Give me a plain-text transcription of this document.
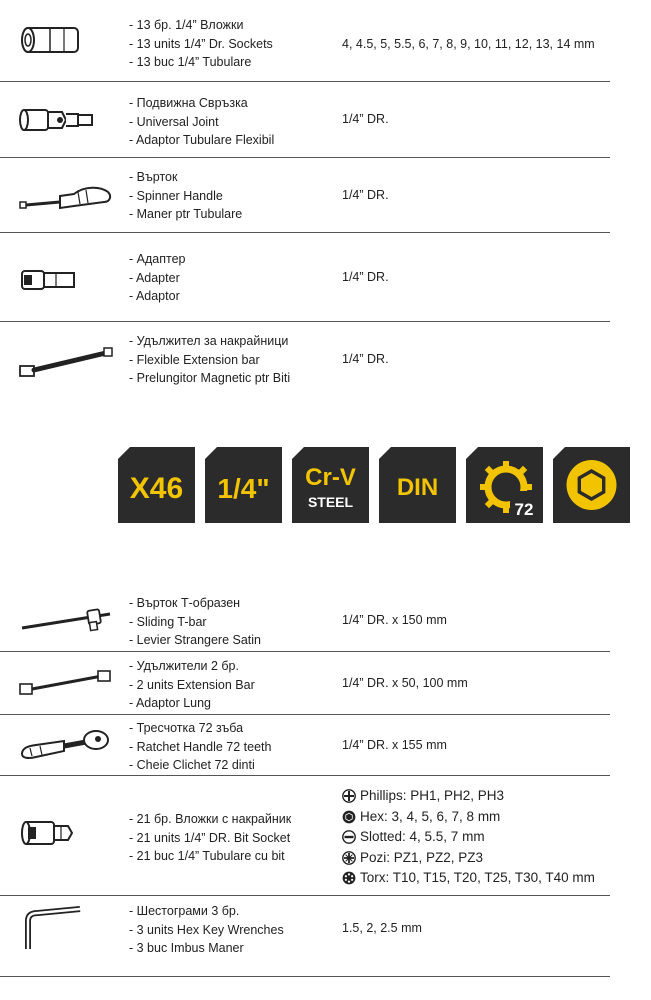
- 13 бр. 1/4” Вложки
- 13 units 1/4” Dr. Sockets
- 13 buc 1/4” Tubulare
4, 4.5, 5, 5.5, 6, 7, 8, 9, 10, 11, 12, 13, 14 mm
- Подвижна Свръзка
- Universal Joint
- Adaptor Tubulare Flexibil
1/4” DR.
- Върток
- Spinner Handle
- Maner ptr Tubulare
1/4” DR.
- Адаптер
- Adapter
- Adaptor
1/4” DR.
- Удължител за накрайници
- Flexible Extension bar
- Prelungitor Magnetic ptr Biti
1/4” DR.
X46 1/4" Cr-V
STEEL
DIN
72
- Върток Т-образен
- Sliding T-bar
- Levier Strangere Satin
1/4” DR. x 150 mm
- Удължители 2 бр.
- 2 units Extension Bar
- Adaptor Lung
1/4” DR. x 50, 100 mm
- Тресчотка 72 зъба
- Ratchet Handle 72 teeth
- Cheie Clichet 72 dinti
1/4” DR. x 155 mm
- 21 бр. Вложки с накрайник
- 21 units 1/4” DR. Bit Socket
- 21 buc 1/4” Tubulare cu bit
Phillips: PH1, PH2, PH3
Hex: 3, 4, 5, 6, 7, 8 mm
Slotted: 4, 5.5, 7 mm
Pozi: PZ1, PZ2, PZ3
Torx: T10, T15, T20, T25, T30, T40 mm
- Шестограми 3 бр.
- 3 units Hex Key Wrenches
- 3 buc Imbus Maner
1.5, 2, 2.5 mm
